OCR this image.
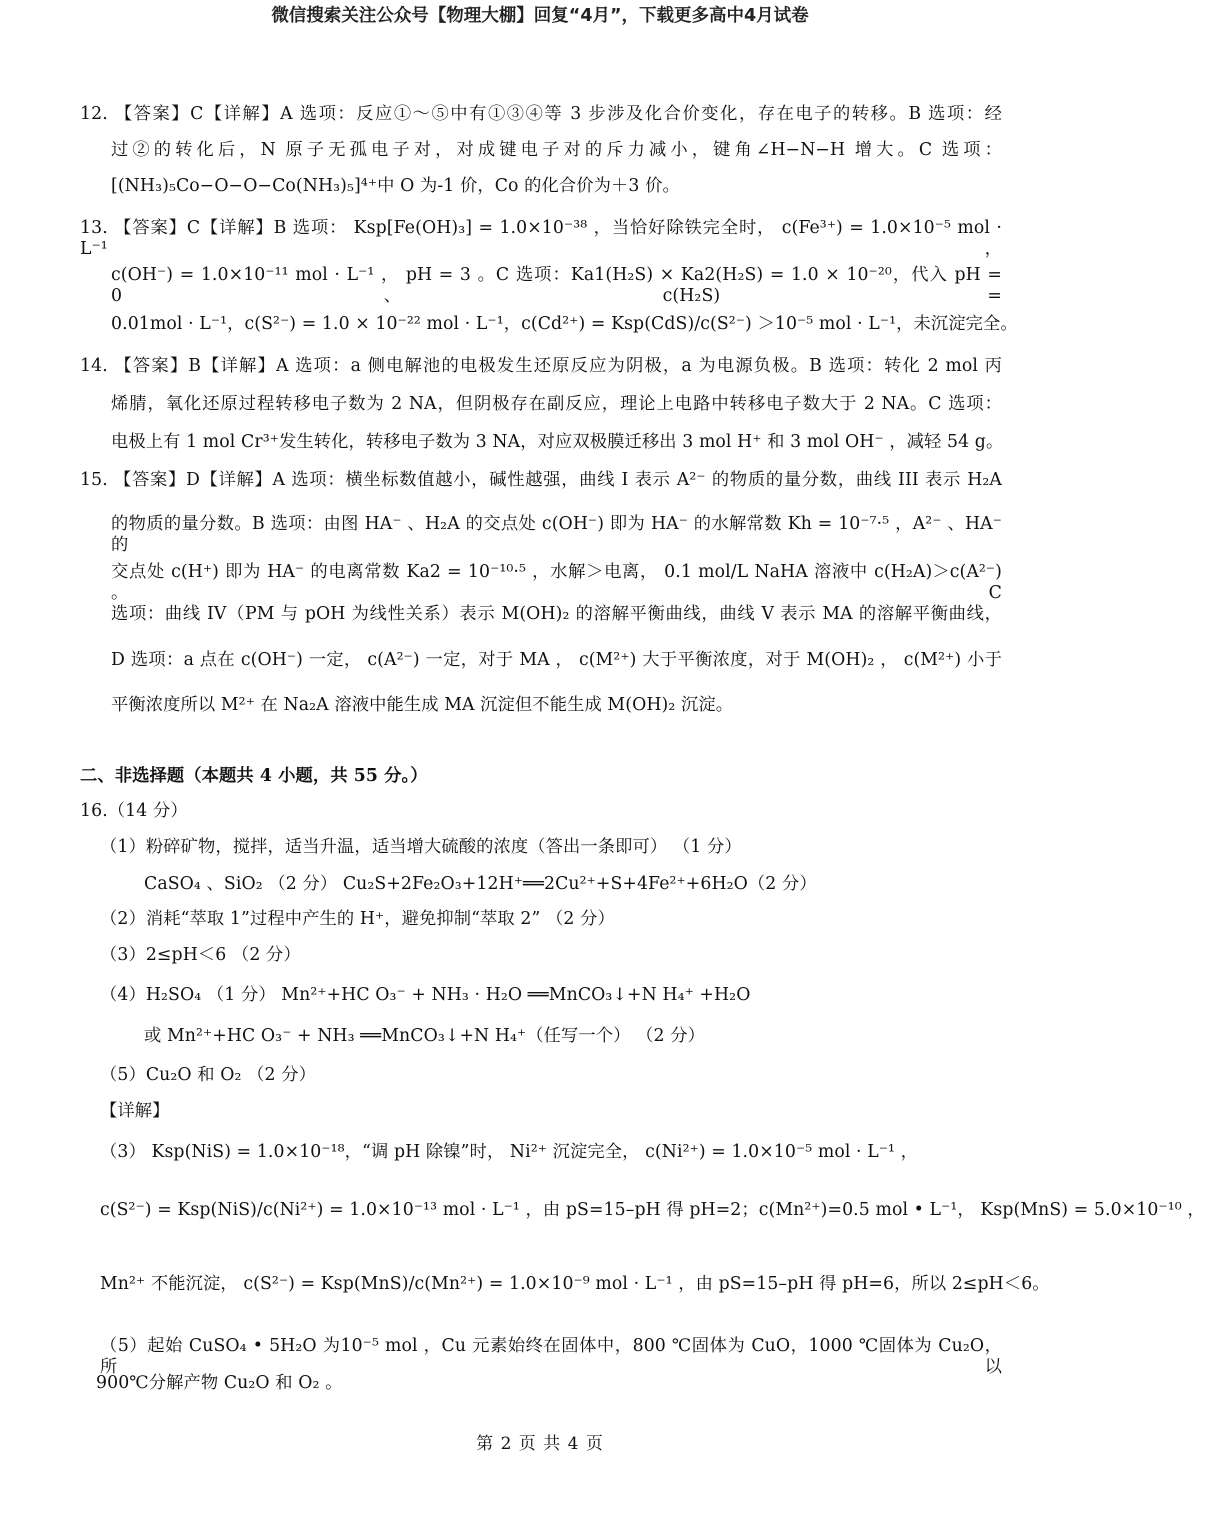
微信搜索关注公众号【物理大棚】回复“4月”，下载更多高中4月试卷
12. 【答案】C【详解】A 选项：反应①～⑤中有①③④等 3 步涉及化合价变化，存在电子的转移。B 选项：经
过②的转化后，N 原子无孤电子对，对成键电子对的斥力减小，键角∠H−N−H 增大。C 选项：
[(NH₃)₅Co−O−O−Co(NH₃)₅]⁴⁺中 O 为-1 价，Co 的化合价为＋3 价。
13. 【答案】C【详解】B 选项： Ksp[Fe(OH)₃] = 1.0×10⁻³⁸ ，当恰好除铁完全时， c(Fe³⁺) = 1.0×10⁻⁵ mol · L⁻¹ ，
c(OH⁻) = 1.0×10⁻¹¹ mol · L⁻¹ ， pH = 3 。C 选项：Ka1(H₂S) × Ka2(H₂S) = 1.0 × 10⁻²⁰，代入 pH = 0、c(H₂S) =
0.01mol · L⁻¹，c(S²⁻) = 1.0 × 10⁻²² mol · L⁻¹，c(Cd²⁺) = Ksp(CdS)/c(S²⁻) ＞10⁻⁵ mol · L⁻¹，未沉淀完全。
14. 【答案】B【详解】A 选项：a 侧电解池的电极发生还原反应为阴极，a 为电源负极。B 选项：转化 2 mol 丙
烯腈，氧化还原过程转移电子数为 2 NA，但阴极存在副反应，理论上电路中转移电子数大于 2 NA。C 选项：
电极上有 1 mol Cr³⁺发生转化，转移电子数为 3 NA，对应双极膜迁移出 3 mol H⁺ 和 3 mol OH⁻ ，减轻 54 g。
15. 【答案】D【详解】A 选项：横坐标数值越小，碱性越强，曲线 I 表示 A²⁻ 的物质的量分数，曲线 III 表示 H₂A
的物质的量分数。B 选项：由图 HA⁻ 、H₂A 的交点处 c(OH⁻) 即为 HA⁻ 的水解常数 Kh = 10⁻⁷·⁵ ，A²⁻ 、HA⁻ 的
交点处 c(H⁺) 即为 HA⁻ 的电离常数 Ka2 = 10⁻¹⁰·⁵ ，水解＞电离， 0.1 mol/L NaHA 溶液中 c(H₂A)＞c(A²⁻) 。C
选项：曲线 IV（PM 与 pOH 为线性关系）表示 M(OH)₂ 的溶解平衡曲线，曲线 V 表示 MA 的溶解平衡曲线，
D 选项：a 点在 c(OH⁻) 一定， c(A²⁻) 一定，对于 MA ， c(M²⁺) 大于平衡浓度，对于 M(OH)₂ ， c(M²⁺) 小于
平衡浓度所以 M²⁺ 在 Na₂A 溶液中能生成 MA 沉淀但不能生成 M(OH)₂ 沉淀。
二、非选择题（本题共 4 小题，共 55 分。）
16.（14 分）
（1）粉碎矿物，搅拌，适当升温，适当增大硫酸的浓度（答出一条即可） （1 分）
CaSO₄ 、SiO₂ （2 分） Cu₂S+2Fe₂O₃+12H⁺══2Cu²⁺+S+4Fe²⁺+6H₂O（2 分）
（2）消耗“萃取 1”过程中产生的 H⁺，避免抑制“萃取 2” （2 分）
（3）2≤pH＜6 （2 分）
（4）H₂SO₄ （1 分） Mn²⁺+HC O₃⁻ + NH₃ · H₂O ══MnCO₃↓+N H₄⁺ +H₂O
或 Mn²⁺+HC O₃⁻ + NH₃ ══MnCO₃↓+N H₄⁺（任写一个） （2 分）
（5）Cu₂O 和 O₂ （2 分）
【详解】
（3） Ksp(NiS) = 1.0×10⁻¹⁸，“调 pH 除镍”时， Ni²⁺ 沉淀完全， c(Ni²⁺) = 1.0×10⁻⁵ mol · L⁻¹ ，
c(S²⁻) = Ksp(NiS)/c(Ni²⁺) = 1.0×10⁻¹³ mol · L⁻¹ ，由 pS=15–pH 得 pH=2；c(Mn²⁺)=0.5 mol • L⁻¹， Ksp(MnS) = 5.0×10⁻¹⁰ ，
Mn²⁺ 不能沉淀， c(S²⁻) = Ksp(MnS)/c(Mn²⁺) = 1.0×10⁻⁹ mol · L⁻¹ ，由 pS=15–pH 得 pH=6，所以 2≤pH＜6。
（5）起始 CuSO₄ • 5H₂O 为10⁻⁵ mol ，Cu 元素始终在固体中，800 ℃固体为 CuO，1000 ℃固体为 Cu₂O，所以
900℃分解产物 Cu₂O 和 O₂ 。
第 2 页 共 4 页
